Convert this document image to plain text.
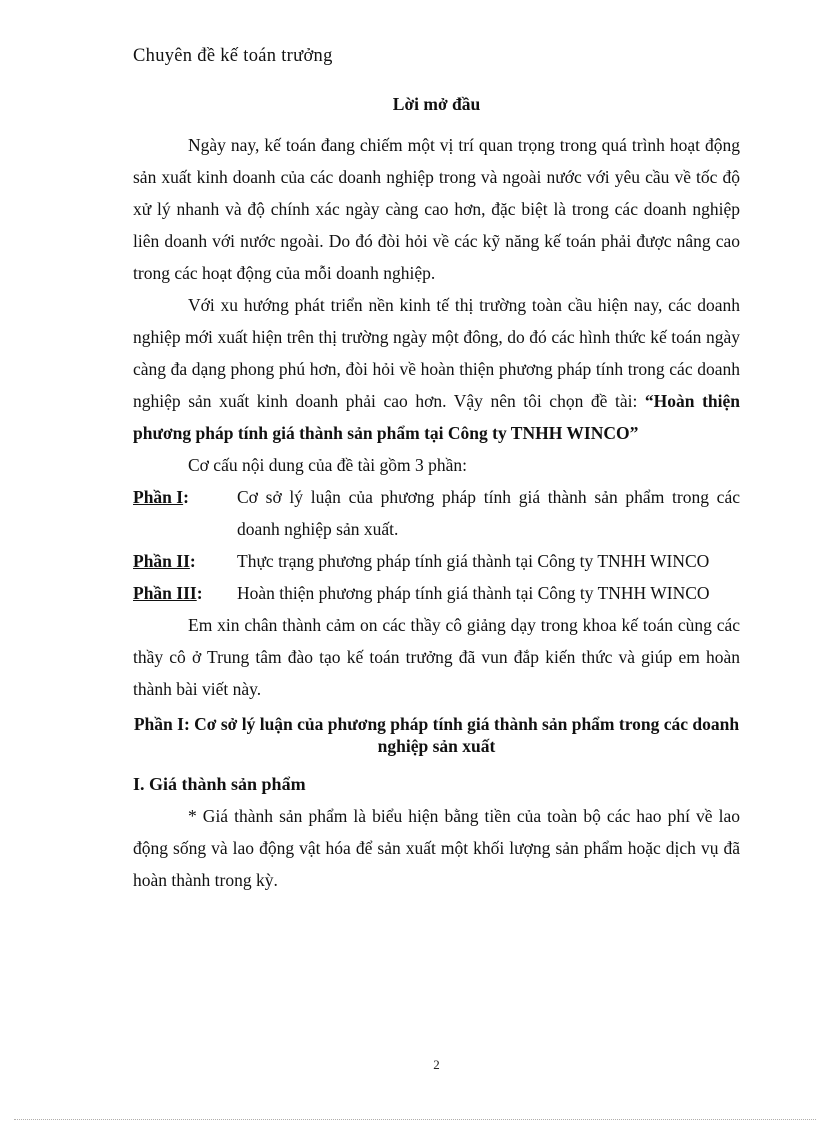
Chuyên đề kế toán trưởng
Lời mở đầu

Ngày nay, kế toán đang chiếm một vị trí quan trọng trong quá trình hoạt động sản xuất kinh doanh của các doanh nghiệp trong và ngoài nước với yêu cầu về tốc độ xử lý nhanh và độ chính xác ngày càng cao hơn, đặc biệt là trong các doanh nghiệp liên doanh với nước ngoài. Do đó đòi hỏi về các kỹ năng kế toán phải được nâng cao trong các hoạt động của mỗi doanh nghiệp.

Với xu hướng phát triển nền kinh tế thị trường toàn cầu hiện nay, các doanh nghiệp mới xuất hiện trên thị trường ngày một đông, do đó các hình thức kế toán ngày càng đa dạng phong phú hơn, đòi hỏi về hoàn thiện phương pháp tính trong các doanh nghiệp sản xuất kinh doanh phải cao hơn. Vậy nên tôi chọn đề tài: “Hoàn thiện phương pháp tính giá thành sản phẩm tại Công ty TNHH WINCO”

Cơ cấu nội dung của đề tài gồm 3 phần:

Phần I:	Cơ sở lý luận của phương pháp tính giá thành sản phẩm trong các doanh nghiệp sản xuất.
Phần II: Thực trạng phương pháp tính giá thành tại Công ty TNHH WINCO
Phần III: Hoàn thiện phương pháp tính giá thành tại Công ty TNHH WINCO

Em xin chân thành cảm on các thầy cô giảng dạy trong khoa kế toán cùng các thầy cô ở Trung tâm đào tạo kế toán trưởng đã vun đắp kiến thức và giúp em hoàn thành bài viết này.

Phần I: Cơ sở lý luận của phương pháp tính giá thành sản phẩm trong các doanh nghiệp sản xuất
I. Giá thành sản phẩm

* Giá thành sản phẩm là biểu hiện bằng tiền của toàn bộ các hao phí về lao động sống và lao động vật hóa để sản xuất một khối lượng sản phẩm hoặc dịch vụ đã hoàn thành trong kỳ.

2
